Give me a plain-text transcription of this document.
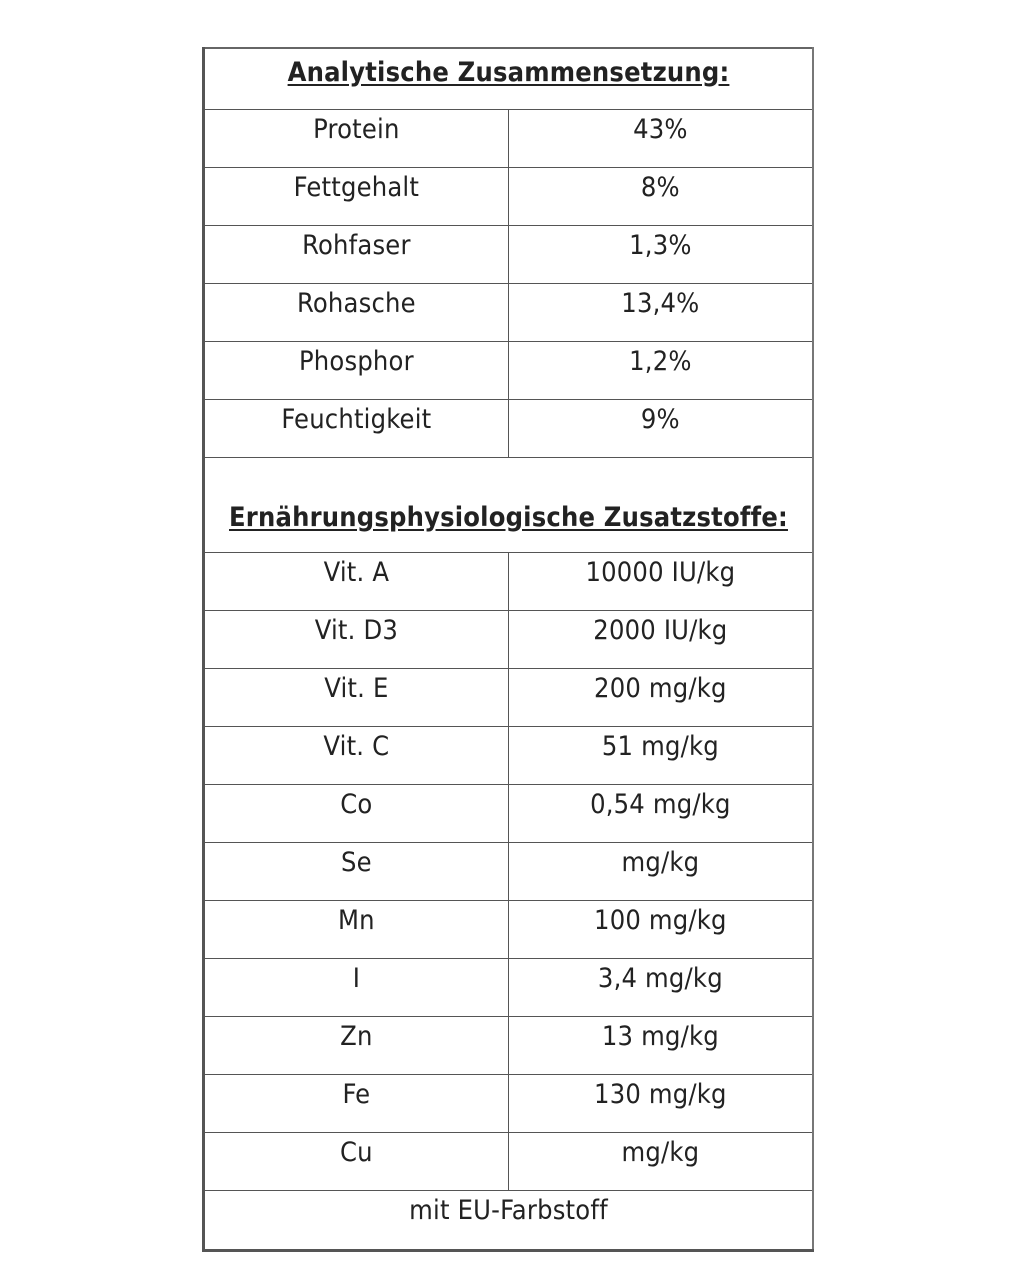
Analytische Zusammensetzung:	
Protein	43%
Fettgehalt	8%
Rohfaser	1,3%
Rohasche	13,4%
Phosphor	1,2%
Feuchtigkeit	9%
Ernährungsphysiologische Zusatzstoffe:	
Vit. A	10000 IU/kg
Vit. D3	2000 IU/kg
Vit. E	200 mg/kg
Vit. C	51 mg/kg
Co	0,54 mg/kg
Se	mg/kg
Mn	100 mg/kg
I	3,4 mg/kg
Zn	13 mg/kg
Fe	130 mg/kg
Cu	mg/kg
mit EU-Farbstoff	
